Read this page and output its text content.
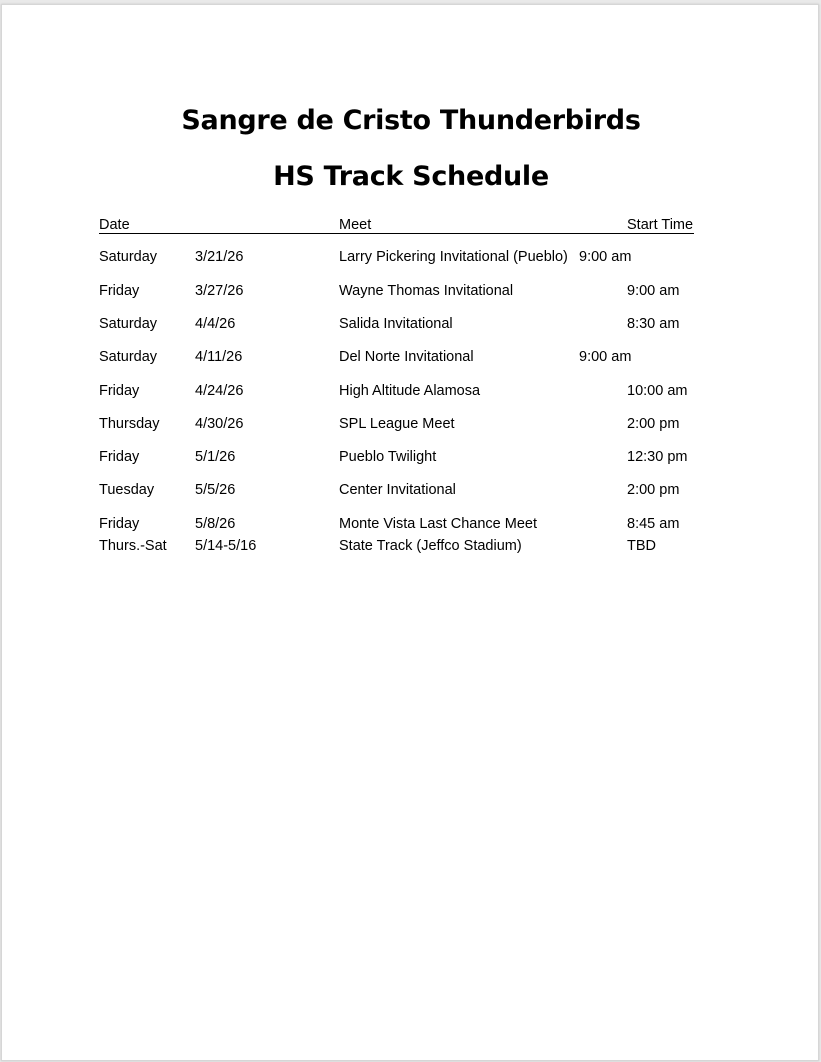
Sangre de Cristo Thunderbirds
HS Track Schedule
Date	Meet	Start Time
Saturday	3/21/26	Larry Pickering Invitational (Pueblo) 9:00 am
Friday	3/27/26	Wayne Thomas Invitational	9:00 am
Saturday	4/4/26	Salida Invitational	8:30 am
Saturday	4/11/26	Del Norte Invitational	9:00 am
Friday	4/24/26	High Altitude Alamosa	10:00 am
Thursday 4/30/26	SPL League Meet	2:00 pm
Friday	5/1/26	Pueblo Twilight	12:30 pm
Tuesday	5/5/26	Center Invitational	2:00 pm
Friday	5/8/26	Monte Vista Last Chance Meet	8:45 am
Thurs.-Sat 5/14-5/16	State Track (Jeffco Stadium)	TBD
